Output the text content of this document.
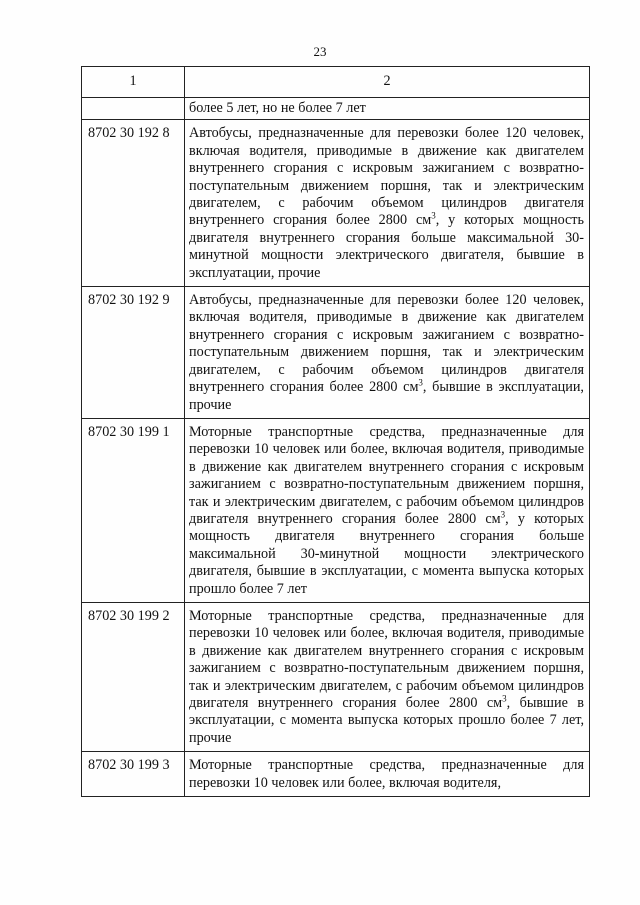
23
1	2
	более 5 лет, но не более 7 лет
8702 30 192 8	Автобусы, предназначенные для перевозки более 120 человек, включая водителя, приводимые в движение как двигателем внутреннего сгорания с искровым зажиганием с возвратно-поступательным движением поршня, так и электрическим двигателем, с рабочим объемом цилиндров двигателя внутреннего сгорания более 2800 $см^3$, у которых мощность двигателя внутреннего сгорания больше максимальной 30-минутной мощности электрического двигателя, бывшие в эксплуатации, прочие
8702 30 192 9	Автобусы, предназначенные для перевозки более 120 человек, включая водителя, приводимые в движение как двигателем внутреннего сгорания с искровым зажиганием с возвратно-поступательным движением поршня, так и электрическим двигателем, с рабочим объемом цилиндров двигателя внутреннего сгорания более 2800 $см^3$, бывшие в эксплуатации, прочие
8702 30 199 1	Моторные транспортные средства, предназначенные для перевозки 10 человек или более, включая водителя, приводимые в движение как двигателем внутреннего сгорания с искровым зажиганием с возвратно-поступательным движением поршня, так и электрическим двигателем, с рабочим объемом цилиндров двигателя внутреннего сгорания более 2800 $см^3$, у которых мощность двигателя внутреннего сгорания больше максимальной 30-минутной мощности электрического двигателя, бывшие в эксплуатации, с момента выпуска которых прошло более 7 лет
8702 30 199 2	Моторные транспортные средства, предназначенные для перевозки 10 человек или более, включая водителя, приводимые в движение как двигателем внутреннего сгорания с искровым зажиганием с возвратно-поступательным движением поршня, так и электрическим двигателем, с рабочим объемом цилиндров двигателя внутреннего сгорания более 2800 $см^3$, бывшие в эксплуатации, с момента выпуска которых прошло более 7 лет, прочие
8702 30 199 3	Моторные транспортные средства, предназначенные для перевозки 10 человек или более, включая водителя,
